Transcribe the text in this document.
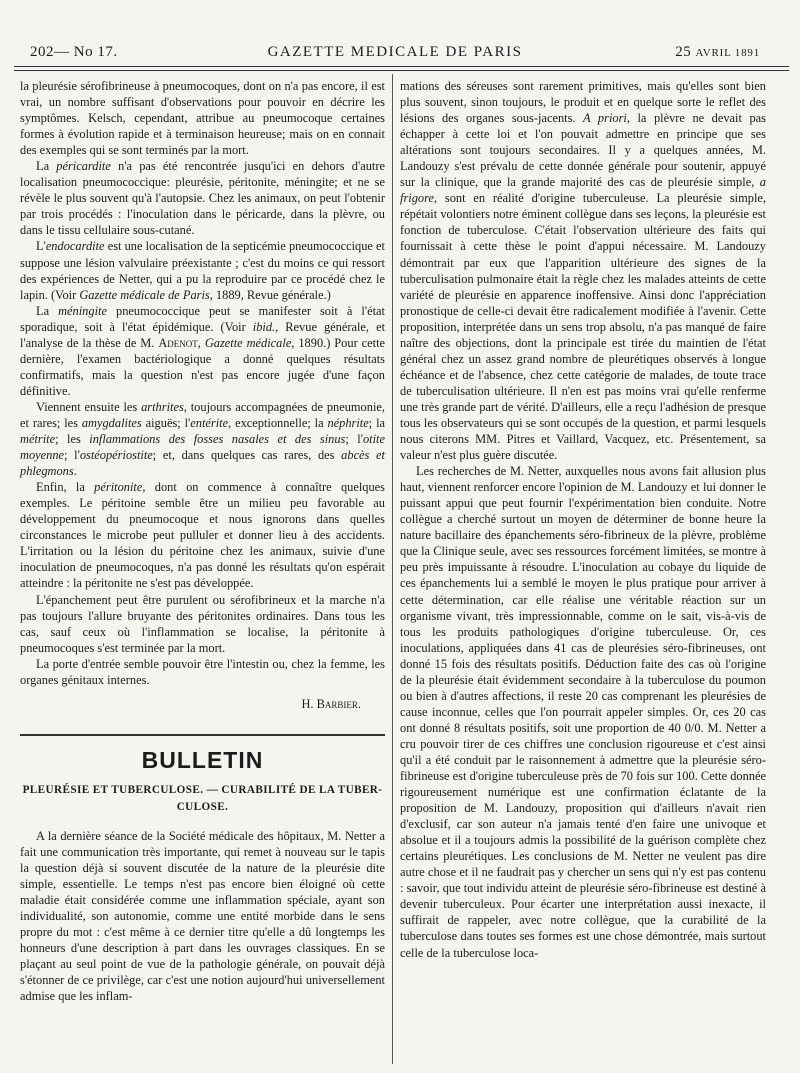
202— No 17.	GAZETTE MEDICALE DE PARIS	25 AVRIL 1891

la pleurésie sérofibrineuse à pneumocoques, dont on n'a pas encore, il est vrai, un nombre suffisant d'observations pour pouvoir en décrire les symptômes. Kelsch, cependant, attribue au pneumocoque certaines formes à évolution rapide et à terminaison heureuse; mais on en connait des exemples qui se sont terminés par la mort.

La péricardite n'a pas été rencontrée jusqu'ici en dehors d'autre localisation pneumococcique: pleurésie, péritonite, méningite; et ne se révèle le plus souvent qu'à l'autopsie. Chez les animaux, on peut l'obtenir par trois procédés : l'inoculation dans le péricarde, dans la plèvre, ou dans le tissu cellulaire sous-cutané.

L'endocardite est une localisation de la septicémie pneumococcique et suppose une lésion valvulaire préexistante ; c'est du moins ce qui ressort des expériences de Netter, qui a pu la reproduire par ce procédé chez le lapin. (Voir Gazette médicale de Paris, 1889, Revue générale.)

La méningite pneumococcique peut se manifester soit à l'état sporadique, soit à l'état épidémique. (Voir ibid., Revue générale, et l'analyse de la thèse de M. Adenot, Gazette médicale, 1890.) Pour cette dernière, l'examen bactériologique a donné quelques résultats confirmatifs, mais la question n'est pas encore jugée d'une façon définitive.

Viennent ensuite les arthrites, toujours accompagnées de pneumonie, et rares; les amygdalites aiguës; l'entérite, exceptionnelle; la néphrite; la métrite; les inflammations des fosses nasales et des sinus; l'otite moyenne; l'ostéopériostite; et, dans quelques cas rares, des abcès et phlegmons.

Enfin, la péritonite, dont on commence à connaître quelques exemples. Le péritoine semble être un milieu peu favorable au développement du pneumocoque et nous ignorons dans quelles circonstances le microbe peut pulluler et donner lieu à des accidents. L'irritation ou la lésion du péritoine chez les animaux, suivie d'une inoculation de pneumocoques, n'a pas donné les résultats qu'on espérait atteindre : la péritonite ne s'est pas développée.

L'épanchement peut être purulent ou sérofibrineux et la marche n'a pas toujours l'allure bruyante des péritonites ordinaires. Dans tous les cas, sauf ceux où l'inflammation se localise, la péritonite à pneumocoques s'est terminée par la mort.

La porte d'entrée semble pouvoir être l'intestin ou, chez la femme, les organes génitaux internes.

H. Barbier.
BULLETIN
PLEURÉSIE ET TUBERCULOSE. — CURABILITÉ DE LA TUBER-
CULOSE.

A la dernière séance de la Société médicale des hôpitaux, M. Netter a fait une communication très importante, qui remet à nouveau sur le tapis la question déjà si souvent discutée de la nature de la pleurésie dite simple, essentielle. Le temps n'est pas encore bien éloigné où cette maladie était considérée comme une inflammation spéciale, ayant son individualité, son autonomie, comme une entité morbide dans le sens propre du mot : c'est même à ce dernier titre qu'elle a dû longtemps les honneurs d'une description à part dans les ouvrages classiques. En se plaçant au seul point de vue de la pathologie générale, on pouvait déjà s'étonner de ce privilège, car c'est une notion aujourd'hui universellement admise que les inflam-

mations des séreuses sont rarement primitives, mais qu'elles sont bien plus souvent, sinon toujours, le produit et en quelque sorte le reflet des lésions des organes sous-jacents. A priori, la plèvre ne devait pas échapper à cette loi et l'on pouvait admettre en principe que ses altérations sont toujours secondaires. Il y a quelques années, M. Landouzy s'est prévalu de cette donnée générale pour soutenir, appuyé sur la clinique, que la grande majorité des cas de pleurésie simple, a frigore, sont en réalité d'origine tuberculeuse. La pleurésie simple, répétait volontiers notre éminent collègue dans ses leçons, la pleurésie est fonction de tuberculose. C'était l'observation ultérieure des faits qui fournissait à cette thèse le point d'appui nécessaire. M. Landouzy démontrait par eux que l'apparition ultérieure des signes de la tuberculisation pulmonaire était la règle chez les malades atteints de cette variété de pleurésie en apparence inoffensive. Ainsi donc l'appréciation pronostique de celle-ci devait être radicalement modifiée à l'avenir. Cette proposition, interprétée dans un sens trop absolu, n'a pas manqué de faire naître des objections, dont la principale est tirée du maintien de l'état général chez un assez grand nombre de pleurétiques observés à longue échéance et de l'absence, chez cette catégorie de malades, de toute trace de tuberculisation ultérieure. Il n'en est pas moins vrai qu'elle renferme une très grande part de vérité. D'ailleurs, elle a reçu l'adhésion de presque tous les observateurs qui se sont occupés de la question, et parmi lesquels nous citerons MM. Pitres et Vaillard, Vacquez, etc. Présentement, sa valeur n'est plus guère discutée.

Les recherches de M. Netter, auxquelles nous avons fait allusion plus haut, viennent renforcer encore l'opinion de M. Landouzy et lui donner le puissant appui que peut fournir l'expérimentation bien conduite. Notre collègue a cherché surtout un moyen de déterminer de bonne heure la nature bacillaire des épanchements séro-fibrineux de la plèvre, problème que la Clinique seule, avec ses ressources forcément limitées, se montre à peu près impuissante à résoudre. L'inoculation au cobaye du liquide de ces épanchements lui a semblé le moyen le plus pratique pour arriver à cette détermination, car elle réalise une véritable réaction sur un organisme vivant, très impressionnable, comme on le sait, vis-à-vis de tous les produits pathologiques d'origine tuberculeuse. Or, ces inoculations, appliquées dans 41 cas de pleurésies séro-fibrineuses, ont donné 15 fois des résultats positifs. Déduction faite des cas où l'origine de la pleurésie était évidemment secondaire à la tuberculose du poumon ou bien à d'autres affections, il reste 20 cas comprenant les pleurésies de cause inconnue, celles que l'on pourrait appeler simples. Or, ces 20 cas ont donné 8 résultats positifs, soit une proportion de 40 0/0. M. Netter a cru pouvoir tirer de ces chiffres une conclusion rigoureuse et c'est ainsi qu'il a été conduit par le raisonnement à admettre que la pleurésie séro-fibrineuse est d'origine tuberculeuse près de 70 fois sur 100. Cette donnée rigoureusement numérique est une confirmation éclatante de la proposition de M. Landouzy, proposition qui d'ailleurs n'avait rien d'exclusif, car son auteur n'a jamais tenté d'en faire une univoque et absolue et il a toujours admis la possibilité de la guérison complète chez certains pleurétiques. Les conclusions de M. Netter ne veulent pas dire autre chose et il ne faudrait pas y chercher un sens qui n'y est pas contenu : savoir, que tout individu atteint de pleurésie séro-fibrineuse est destiné à devenir tuberculeux. Pour écarter une interprétation aussi inexacte, il suffirait de rappeler, avec notre collègue, que la curabilité de la tuberculose dans toutes ses formes est une chose démontrée, mais surtout celle de la tuberculose loca-
